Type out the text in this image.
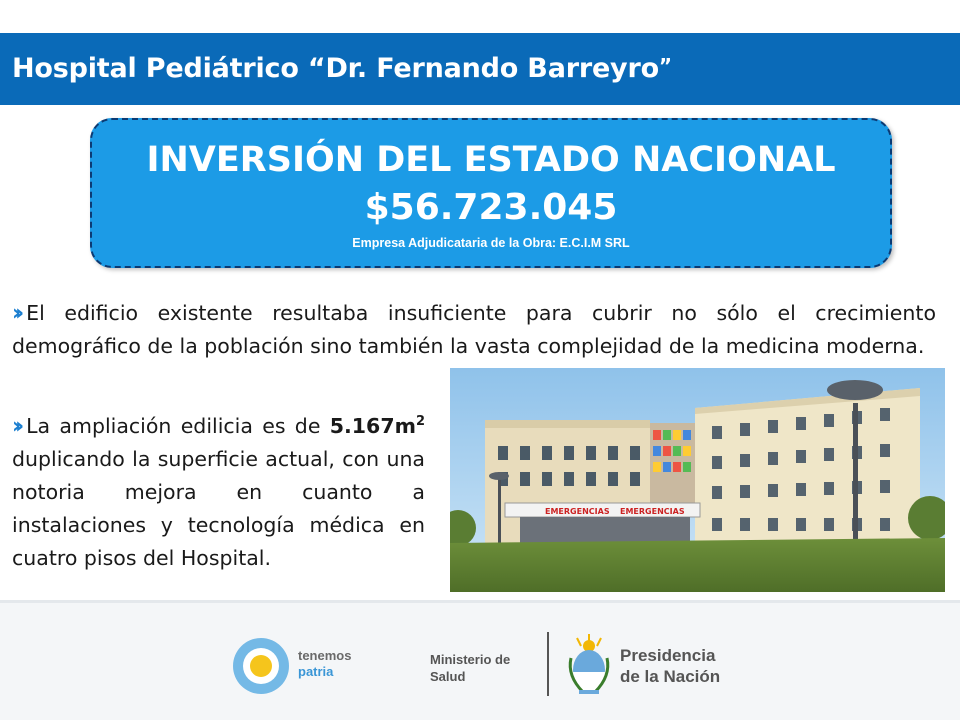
Hospital Pediátrico “Dr. Fernando Barreyro”
INVERSIÓN DEL ESTADO NACIONAL
$56.723.045
Empresa Adjudicataria de la Obra: E.C.I.M SRL
›› El edificio existente resultaba insuficiente para cubrir no sólo el crecimiento demográfico de la población sino también la vasta complejidad de la medicina moderna.
›› La ampliación edilicia es de $5.167m^2$ duplicando la superficie actual, con una notoria mejora en cuanto a instalaciones y tecnología médica en cuatro pisos del Hospital.
EMERGENCIAS EMERGENCIAS
tenemos
patria
Ministerio de
Salud
Presidencia
de la Nación
